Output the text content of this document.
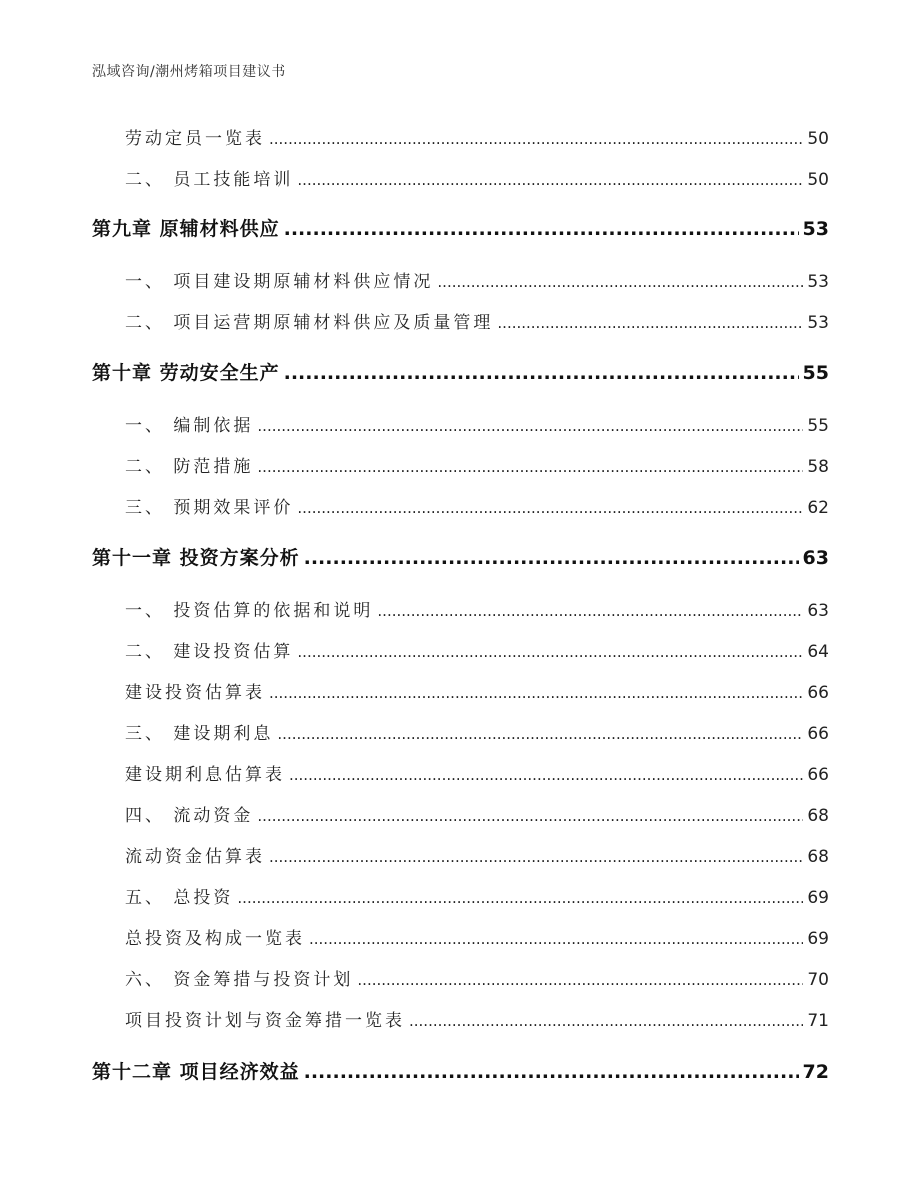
泓域咨询/潮州烤箱项目建议书
劳动定员一览表 .....	50
二、 员工技能培训 .....	50
第九章 原辅材料供应 .....	53
一、 项目建设期原辅材料供应情况 .....	53
二、 项目运营期原辅材料供应及质量管理 .....	53
第十章 劳动安全生产 .....	55
一、 编制依据 .....	55
二、 防范措施 .....	58
三、 预期效果评价 .....	62
第十一章 投资方案分析 .....	63
一、 投资估算的依据和说明 .....	63
二、 建设投资估算 .....	64
建设投资估算表 .....	66
三、 建设期利息 .....	66
建设期利息估算表 .....	66
四、 流动资金 .....	68
流动资金估算表 .....	68
五、 总投资 .....	69
总投资及构成一览表 .....	69
六、 资金筹措与投资计划 .....	70
项目投资计划与资金筹措一览表 .....	71
第十二章 项目经济效益 .....	72
